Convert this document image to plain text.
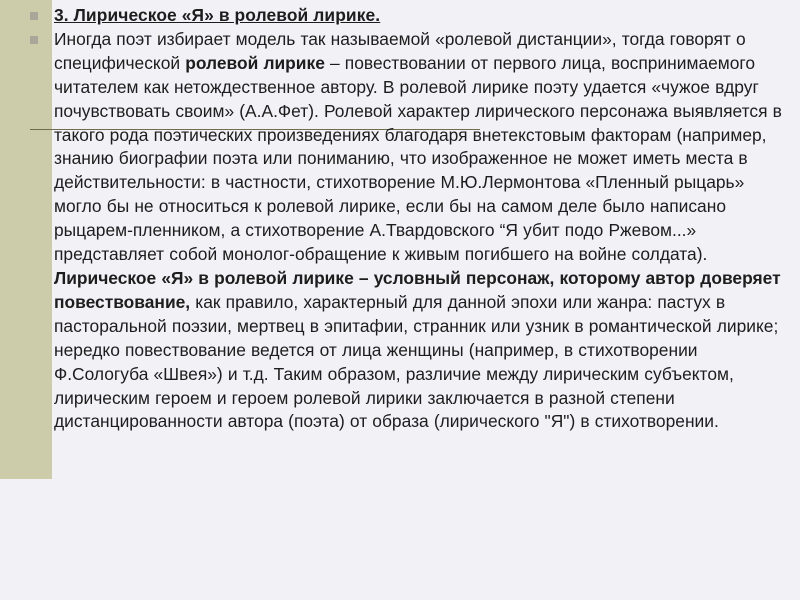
3. Лирическое «Я» в ролевой лирике.

Иногда поэт избирает модель так называемой «ролевой дистанции», тогда говорят о специфической ролевой лирике – повествовании от первого лица, воспринимаемого читателем как нетождественное автору. В ролевой лирике поэту удается «чужое вдруг почувствовать своим» (А.А.Фет). Ролевой характер лирического персонажа выявляется в такого рода поэтических произведениях благодаря внетекстовым факторам (например, знанию биографии поэта или пониманию, что изображенное не может иметь места в действительности: в частности, стихотворение М.Ю.Лермонтова «Пленный рыцарь» могло бы не относиться к ролевой лирике, если бы на самом деле было написано рыцарем-пленником, а стихотворение А.Твардовского “Я убит подо Ржевом...» представляет собой монолог-обращение к живым погибшего на войне солдата). Лирическое «Я» в ролевой лирике – условный персонаж, которому автор доверяет повествование, как правило, характерный для данной эпохи или жанра: пастух в пасторальной поэзии, мертвец в эпитафии, странник или узник в романтической лирике; нередко повествование ведется от лица женщины (например, в стихотворении Ф.Сологуба «Швея») и т.д. Таким образом, различие между лирическим субъектом, лирическим героем и героем ролевой лирики заключается в разной степени дистанцированности автора (поэта) от образа (лирического "Я") в стихотворении.
